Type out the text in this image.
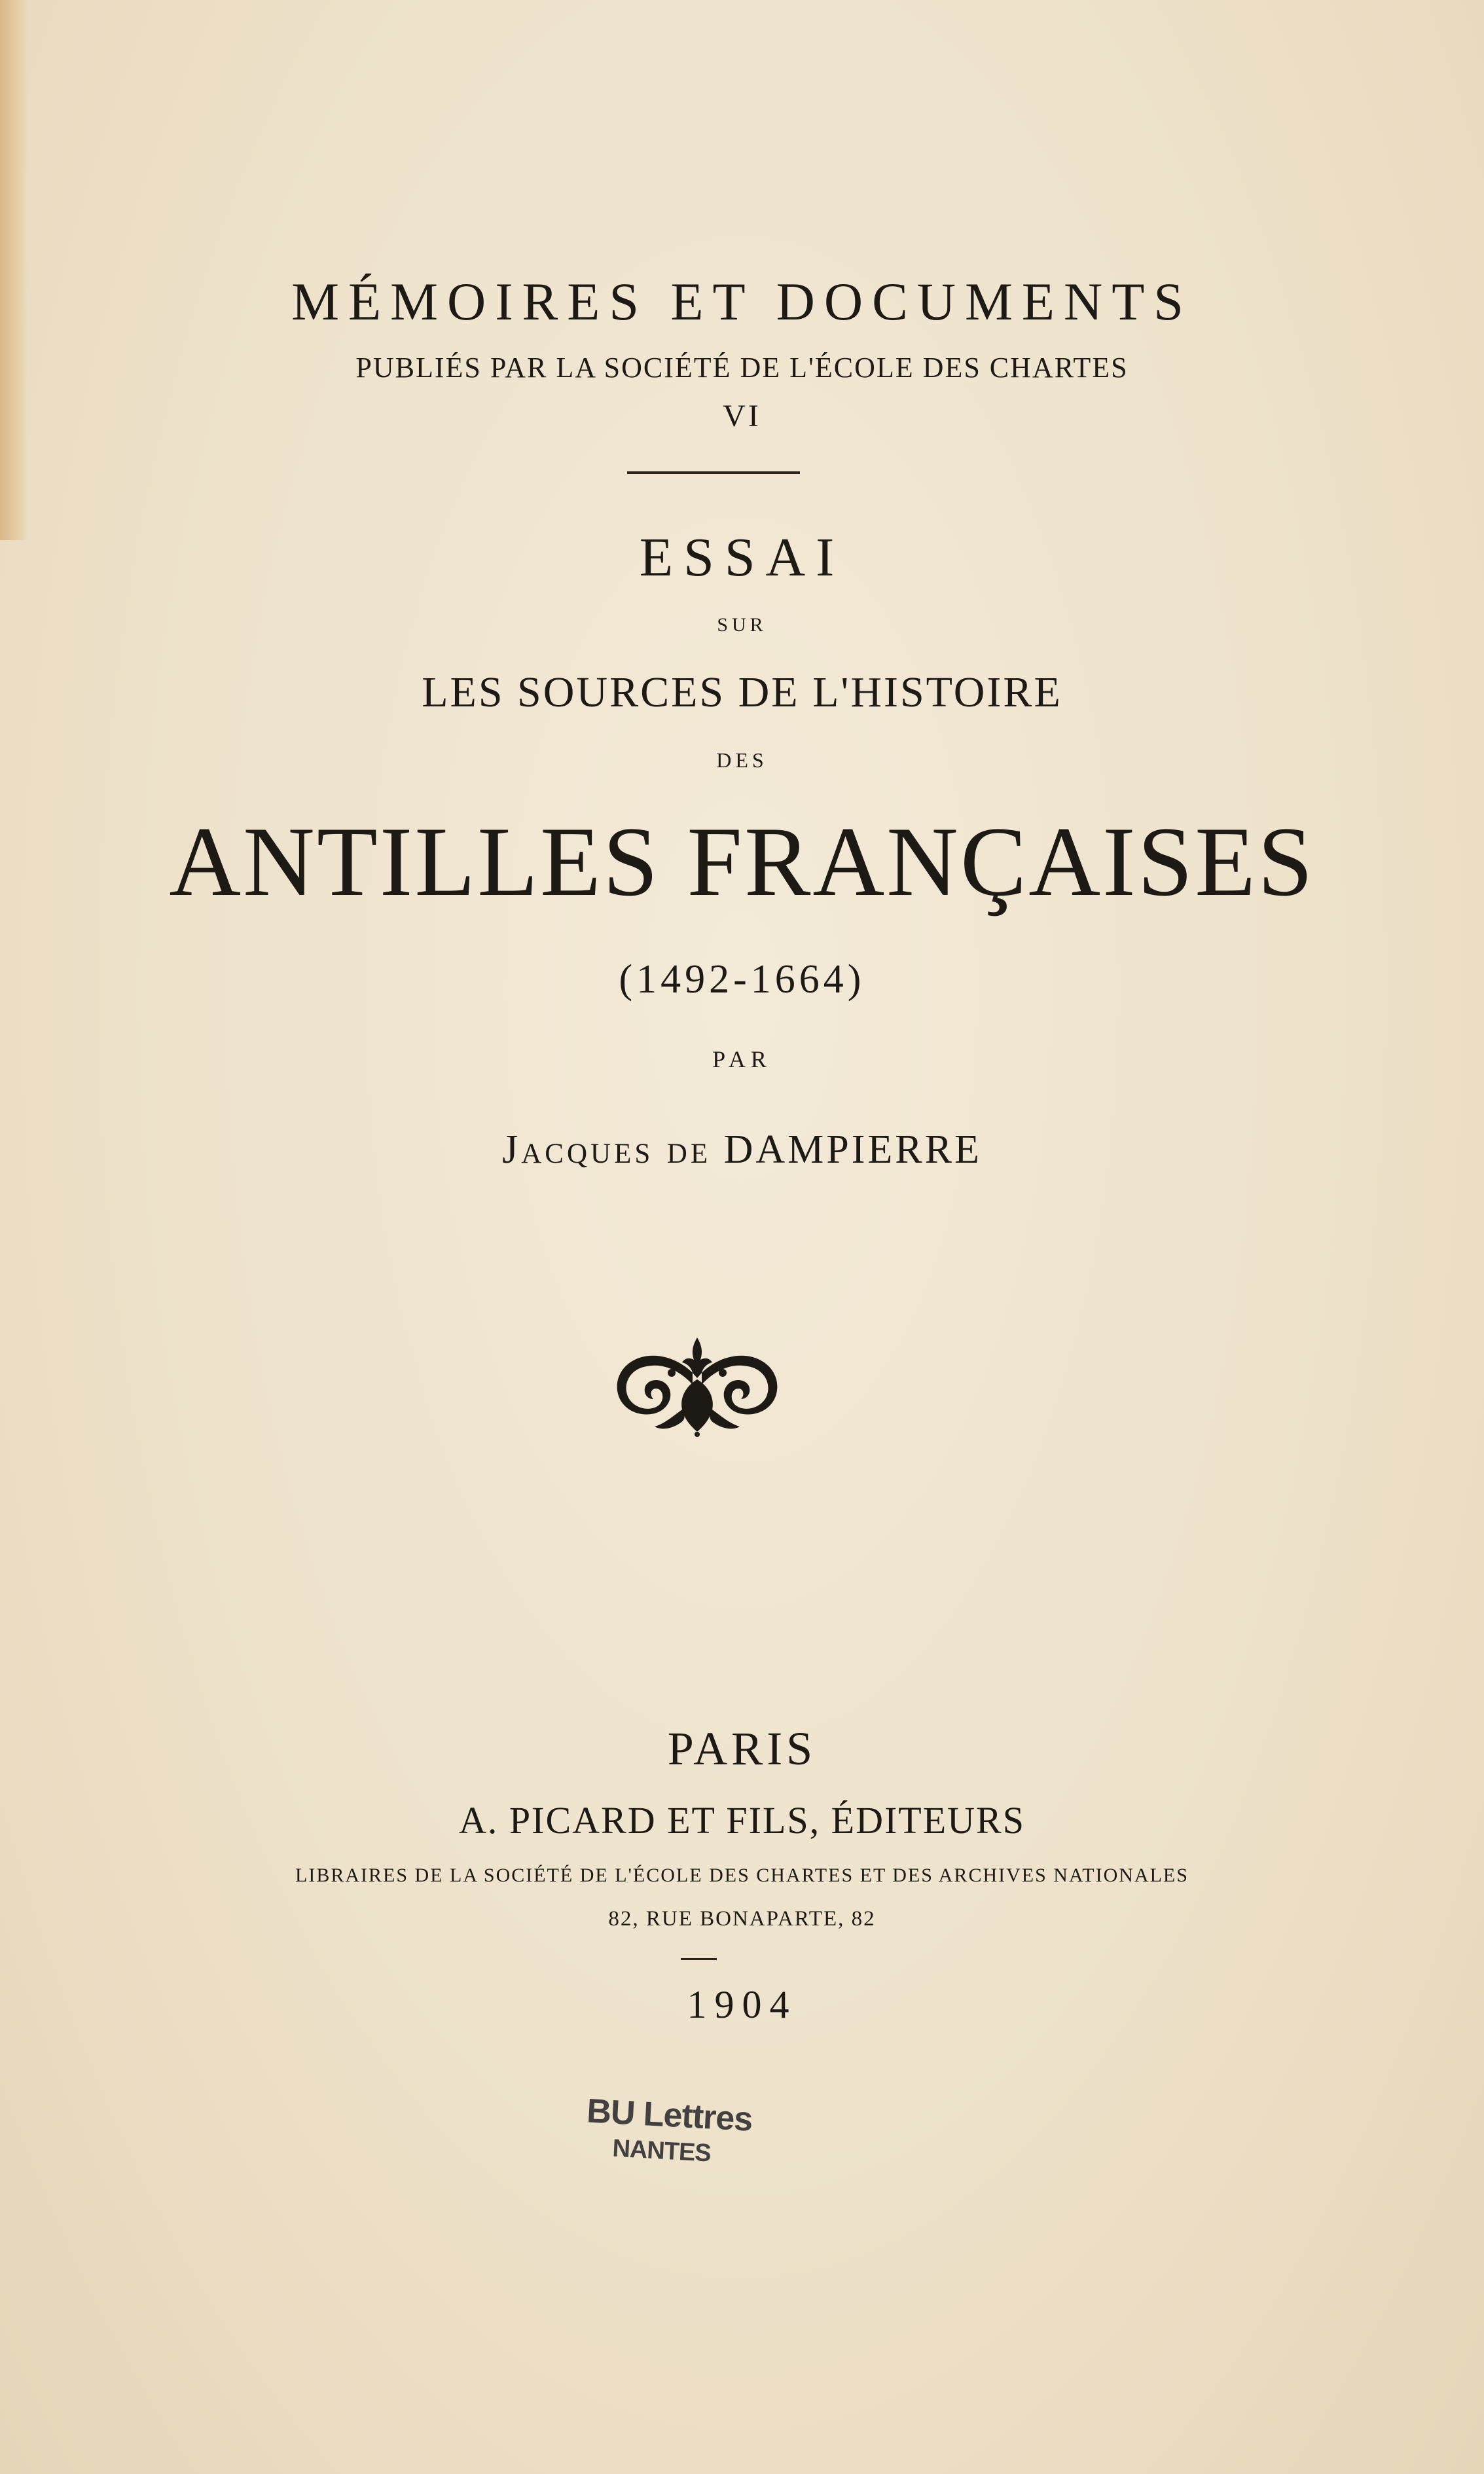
MÉMOIRES ET DOCUMENTS
PUBLIÉS PAR LA SOCIÉTÉ DE L'ÉCOLE DES CHARTES
VI
ESSAI
SUR
LES SOURCES DE L'HISTOIRE
DES
ANTILLES FRANÇAISES
(1492-1664)
PAR
Jacques de DAMPIERRE
PARIS
A. PICARD ET FILS, ÉDITEURS
LIBRAIRES DE LA SOCIÉTÉ DE L'ÉCOLE DES CHARTES ET DES ARCHIVES NATIONALES
82, RUE BONAPARTE, 82
1904
BU Lettres
NANTES
